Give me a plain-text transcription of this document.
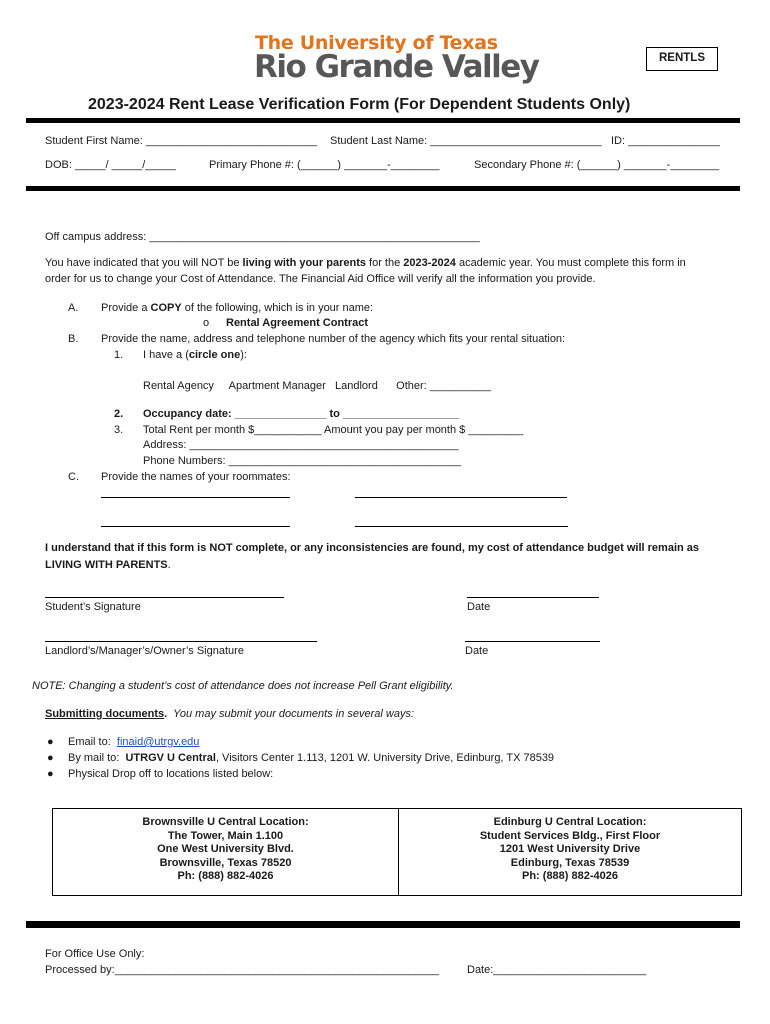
The University of Texas
Rio Grande Valley	RENTLS
2023-2024 Rent Lease Verification Form (For Dependent Students Only)
Student First Name: ____________________________ Student Last Name: ____________________________ ID: _______________
DOB: _____/ _____/_____	Primary Phone #: (______) _______-________	Secondary Phone #: (______) _______-________
Off campus address: ______________________________________________________
You have indicated that you will NOT be living with your parents for the 2023-2024 academic year. You must complete this form in
order for us to change your Cost of Attendance. The Financial Aid Office will verify all the information you provide.
A. Provide a COPY of the following, which is in your name:
o Rental Agreement Contract
B. Provide the name, address and telephone number of the agency which fits your rental situation:
1. I have a (circle one):
Rental Agency     Apartment Manager   Landlord      Other: __________
2. Occupancy date: _______________ to ___________________
3. Total Rent per month $___________ Amount you pay per month $ _________
Address: ____________________________________________
Phone Numbers: ______________________________________
C. Provide the names of your roommates:
I understand that if this form is NOT complete, or any inconsistencies are found, my cost of attendance budget will remain as
LIVING WITH PARENTS.
Student’s Signature	Date
Landlord’s/Manager’s/Owner’s Signature	Date
NOTE: Changing a student’s cost of attendance does not increase Pell Grant eligibility.
Submitting documents.  You may submit your documents in several ways:
● Email to:  finaid@utrgv.edu
● By mail to:  UTRGV U Central, Visitors Center 1.113, 1201 W. University Drive, Edinburg, TX 78539
● Physical Drop off to locations listed below:
Brownsville U Central Location:
The Tower, Main 1.100
One West University Blvd.
Brownsville, Texas 78520
Ph: (888) 882-4026
Edinburg U Central Location:
Student Services Bldg., First Floor
1201 West University Drive
Edinburg, Texas 78539
Ph: (888) 882-4026
For Office Use Only:
Processed by:_____________________________________________________	Date:_________________________
